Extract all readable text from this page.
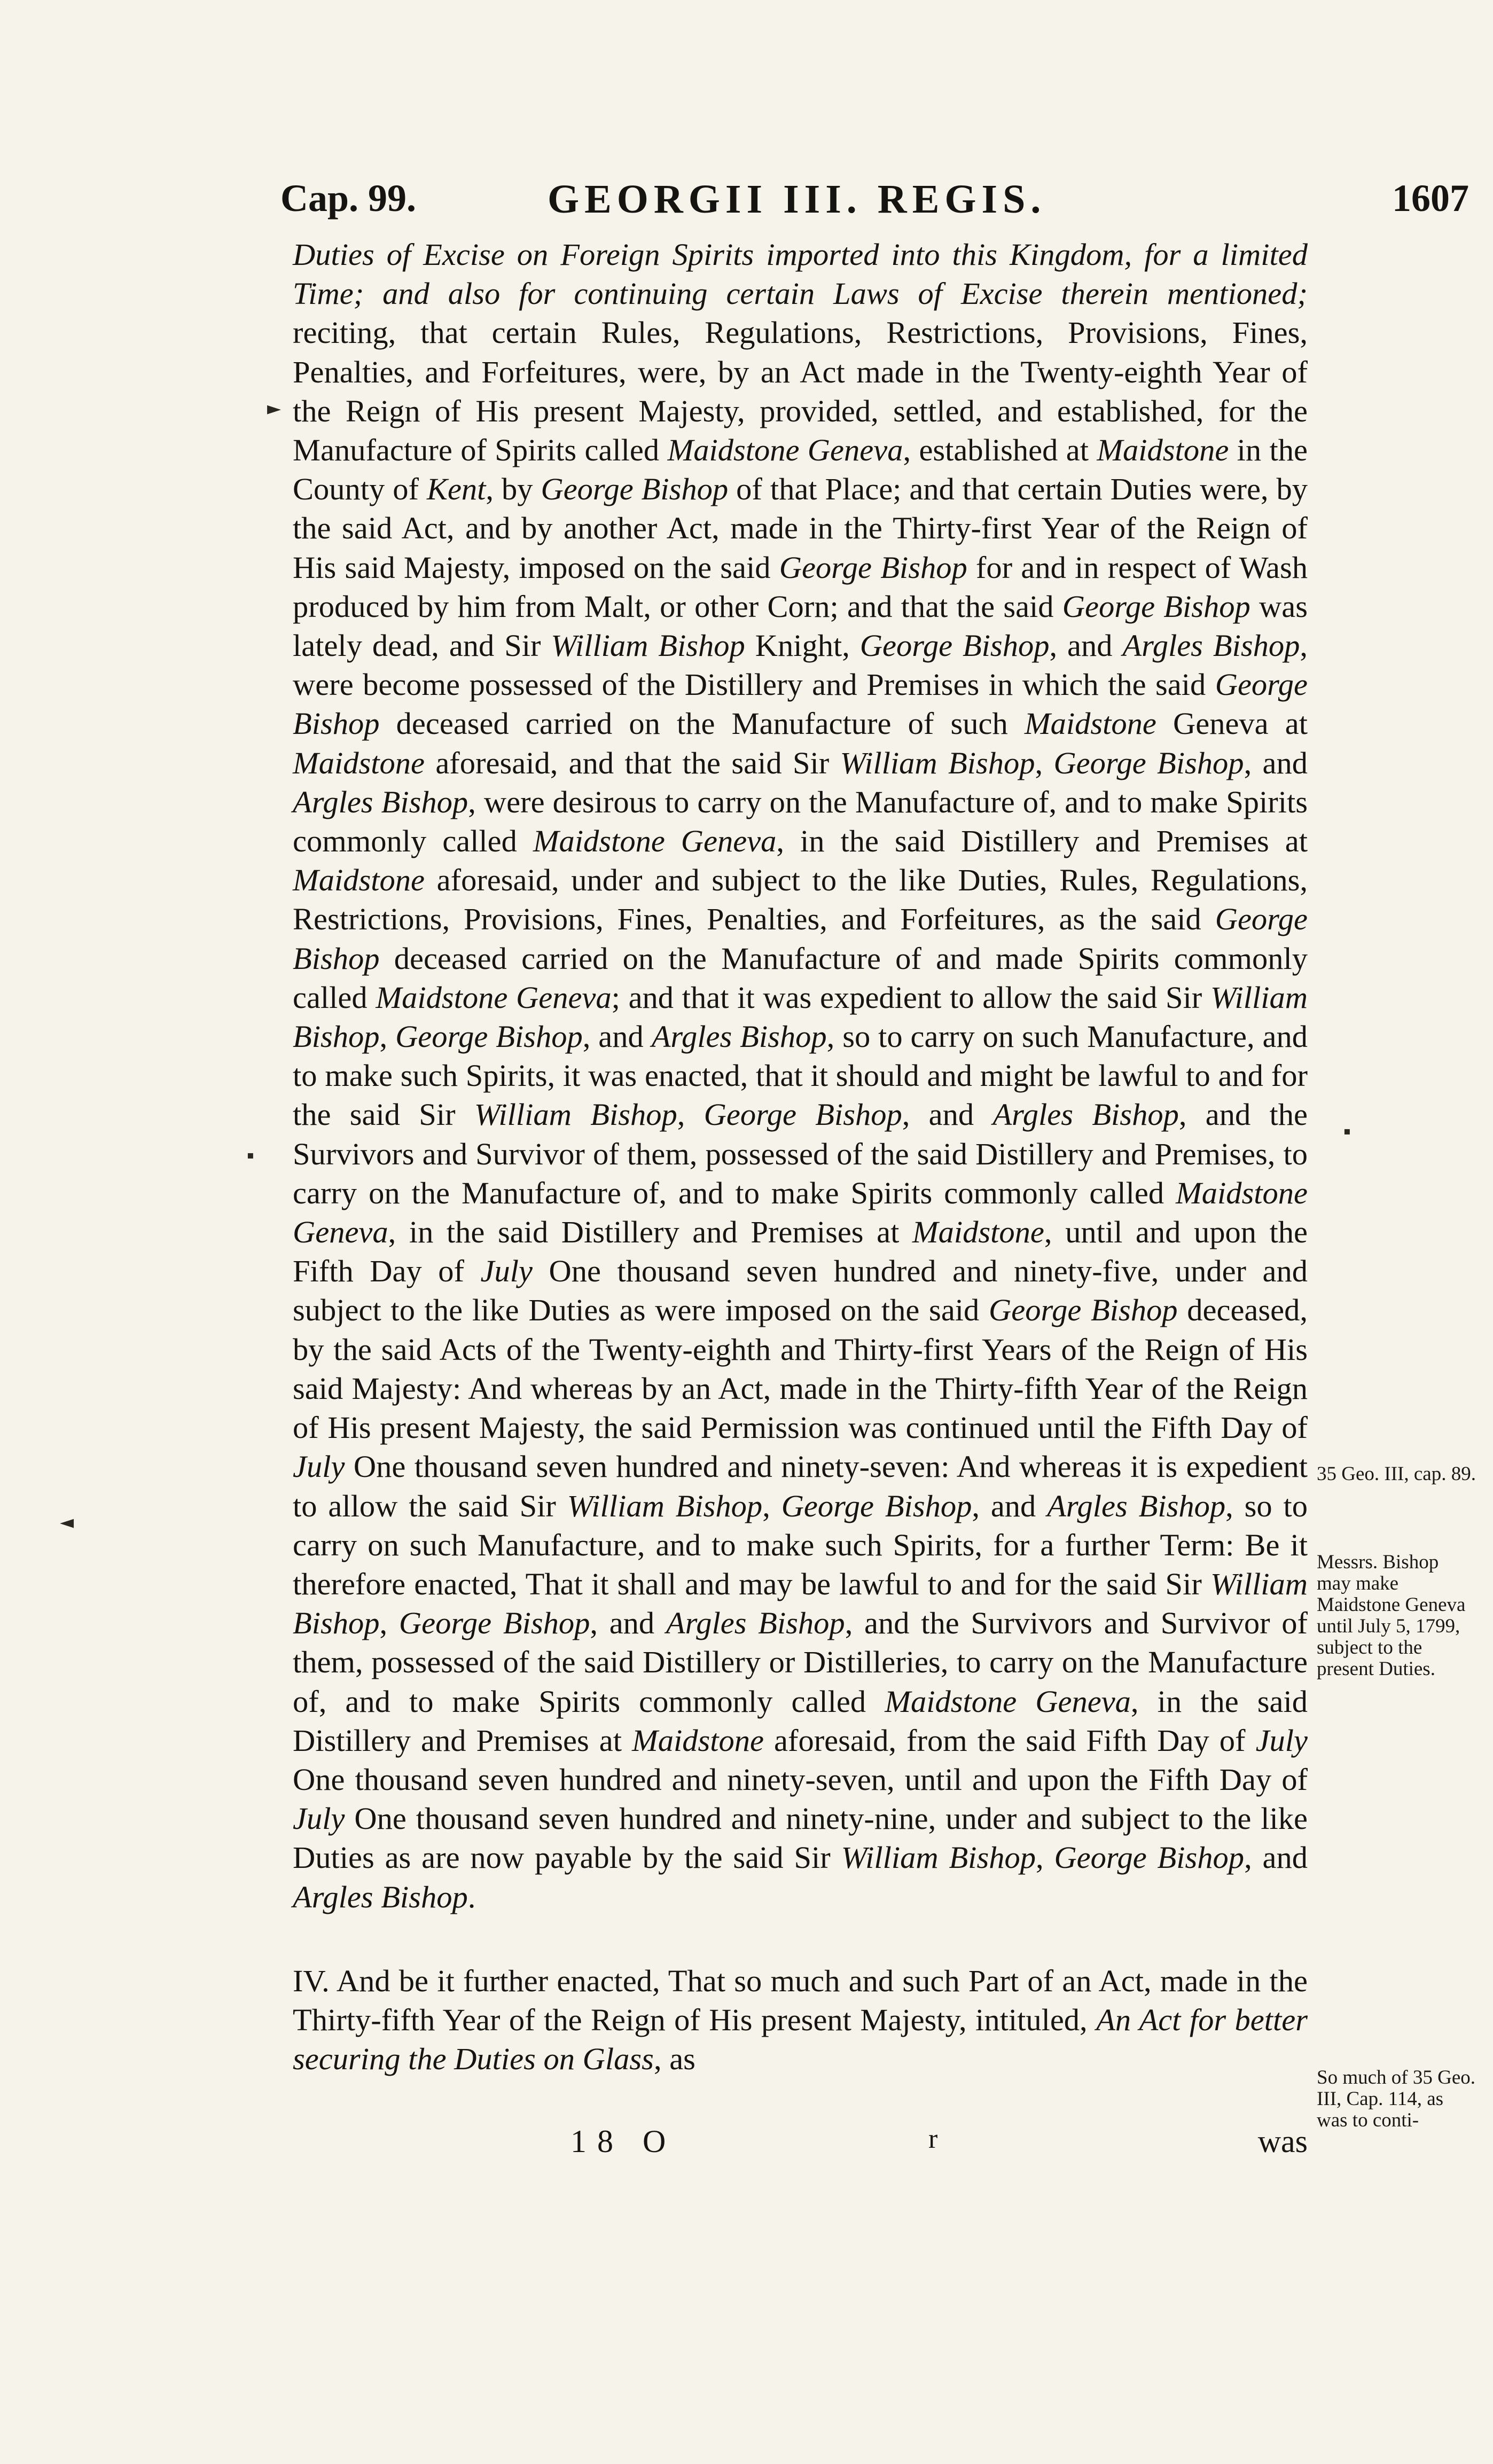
Cap. 99.	GEORGII III. REGIS.	1607

Duties of Excise on Foreign Spirits imported into this Kingdom, for a limited Time; and also for continuing certain Laws of Excise therein mentioned; reciting, that certain Rules, Regulations, Restrictions, Provisions, Fines, Penalties, and Forfeitures, were, by an Act made in the Twenty-eighth Year of the Reign of His present Majesty, provided, settled, and established, for the Manufacture of Spirits called Maidstone Geneva, established at Maidstone in the County of Kent, by George Bishop of that Place; and that certain Duties were, by the said Act, and by another Act, made in the Thirty-first Year of the Reign of His said Majesty, imposed on the said George Bishop for and in respect of Wash produced by him from Malt, or other Corn; and that the said George Bishop was lately dead, and Sir William Bishop Knight, George Bishop, and Argles Bishop, were become possessed of the Distillery and Premises in which the said George Bishop deceased carried on the Manufacture of such Maidstone Geneva at Maidstone aforesaid, and that the said Sir William Bishop, George Bishop, and Argles Bishop, were desirous to carry on the Manufacture of, and to make Spirits commonly called Maidstone Geneva, in the said Distillery and Premises at Maidstone aforesaid, under and subject to the like Duties, Rules, Regulations, Restrictions, Provisions, Fines, Penalties, and Forfeitures, as the said George Bishop deceased carried on the Manufacture of and made Spirits commonly called Maidstone Geneva; and that it was expedient to allow the said Sir William Bishop, George Bishop, and Argles Bishop, so to carry on such Manufacture, and to make such Spirits, it was enacted, that it should and might be lawful to and for the said Sir William Bishop, George Bishop, and Argles Bishop, and the Survivors and Survivor of them, possessed of the said Distillery and Premises, to carry on the Manufacture of, and to make Spirits commonly called Maidstone Geneva, in the said Distillery and Premises at Maidstone, until and upon the Fifth Day of July One thousand seven hundred and ninety-five, under and subject to the like Duties as were imposed on the said George Bishop deceased, by the said Acts of the Twenty-eighth and Thirty-first Years of the Reign of His said Majesty: And whereas by an Act, made in the Thirty-fifth Year of the Reign of His present Majesty, the said Permission was continued until the Fifth Day of July One thousand seven hundred and ninety-seven: And whereas it is expedient to allow the said Sir William Bishop, George Bishop, and Argles Bishop, so to carry on such Manufacture, and to make such Spirits, for a further Term: Be it therefore enacted, That it shall and may be lawful to and for the said Sir William Bishop, George Bishop, and Argles Bishop, and the Survivors and Survivor of them, possessed of the said Distillery or Distilleries, to carry on the Manufacture of, and to make Spirits commonly called Maidstone Geneva, in the said Distillery and Premises at Maidstone aforesaid, from the said Fifth Day of July One thousand seven hundred and ninety-seven, until and upon the Fifth Day of July One thousand seven hundred and ninety-nine, under and subject to the like Duties as are now payable by the said Sir William Bishop, George Bishop, and Argles Bishop.

IV. And be it further enacted, That so much and such Part of an Act, made in the Thirty-fifth Year of the Reign of His present Majesty, intituled, An Act for better securing the Duties on Glass, as

35 Geo. III, cap. 89.
Messrs. Bishop may make Maidstone Geneva until July 5, 1799, subject to the present Duties.
So much of 35 Geo. III, Cap. 114, as was to conti-
18 O	r	was
►
▪
◄
▪
